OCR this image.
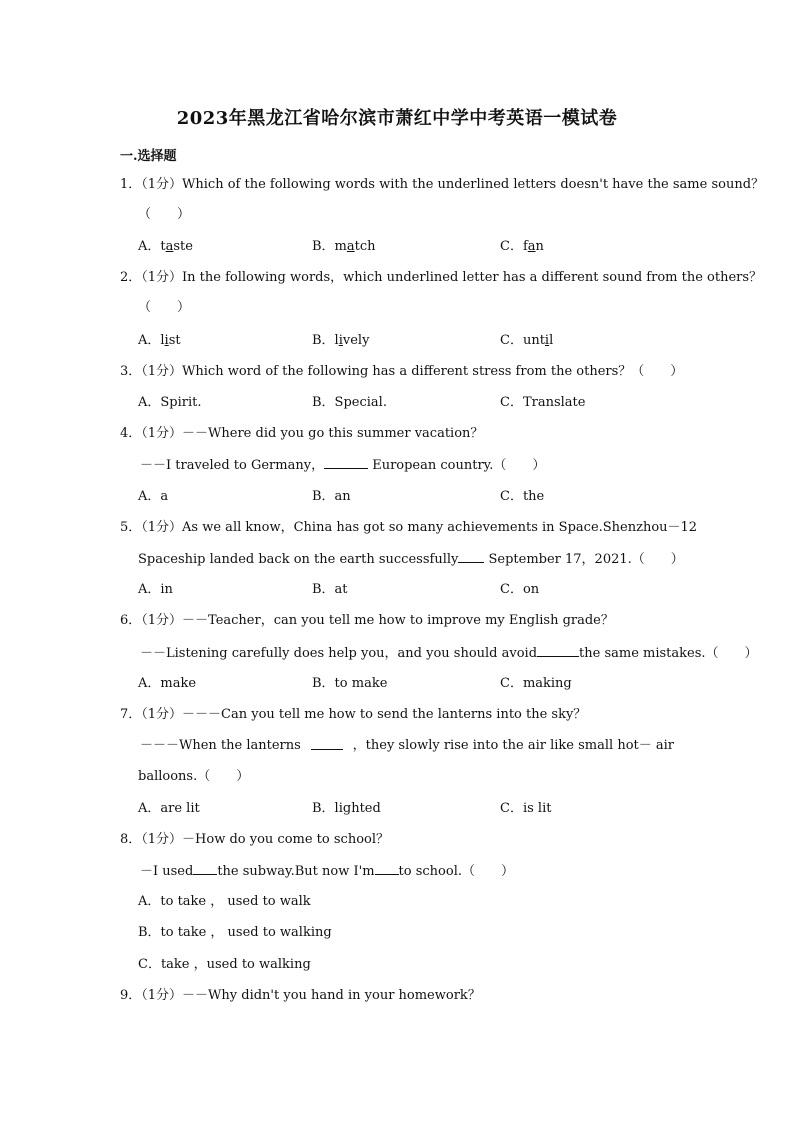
2023年黑龙江省哈尔滨市萧红中学中考英语一模试卷
一.选择题
1．（1分）Which of the following words with the underlined letters doesn't have the same sound？
（　　）
A．taste	B．match	C．fan
2．（1分）In the following words，which underlined letter has a different sound from the others？
（　　）
A．list	B．lively	C．until
3．（1分）Which word of the following has a different stress from the others？（　　）
A．Spirit.	B．Special.	C．Translate
4．（1分）－－Where did you go this summer vacation？
－－I traveled to Germany，	European country.（　　）
A．a	B．an	C．the
5．（1分）As we all know，China has got so many achievements in Space.Shenzhou－12
Spaceship landed back on the earth successfully September 17，2021.（　　）
A．in	B．at	C．on
6．（1分）－－Teacher，can you tell me how to improve my English grade？
－－Listening carefully does help you，and you should avoid	the same mistakes.（　　）
A．make	B．to make	C．making
7．（1分）－－－Can you tell me how to send the lanterns into the sky？
－－－When the lanterns	，they slowly rise into the air like small hot－ air
balloons.（　　）
A．are lit	B．lighted	C．is lit
8．（1分）－How do you come to school？
－I used the subway.But now I'm to school.（　　）
A．to take ， used to walk
B．to take ， used to walking
C．take ，used to walking
9．（1分）－－Why didn't you hand in your homework？
